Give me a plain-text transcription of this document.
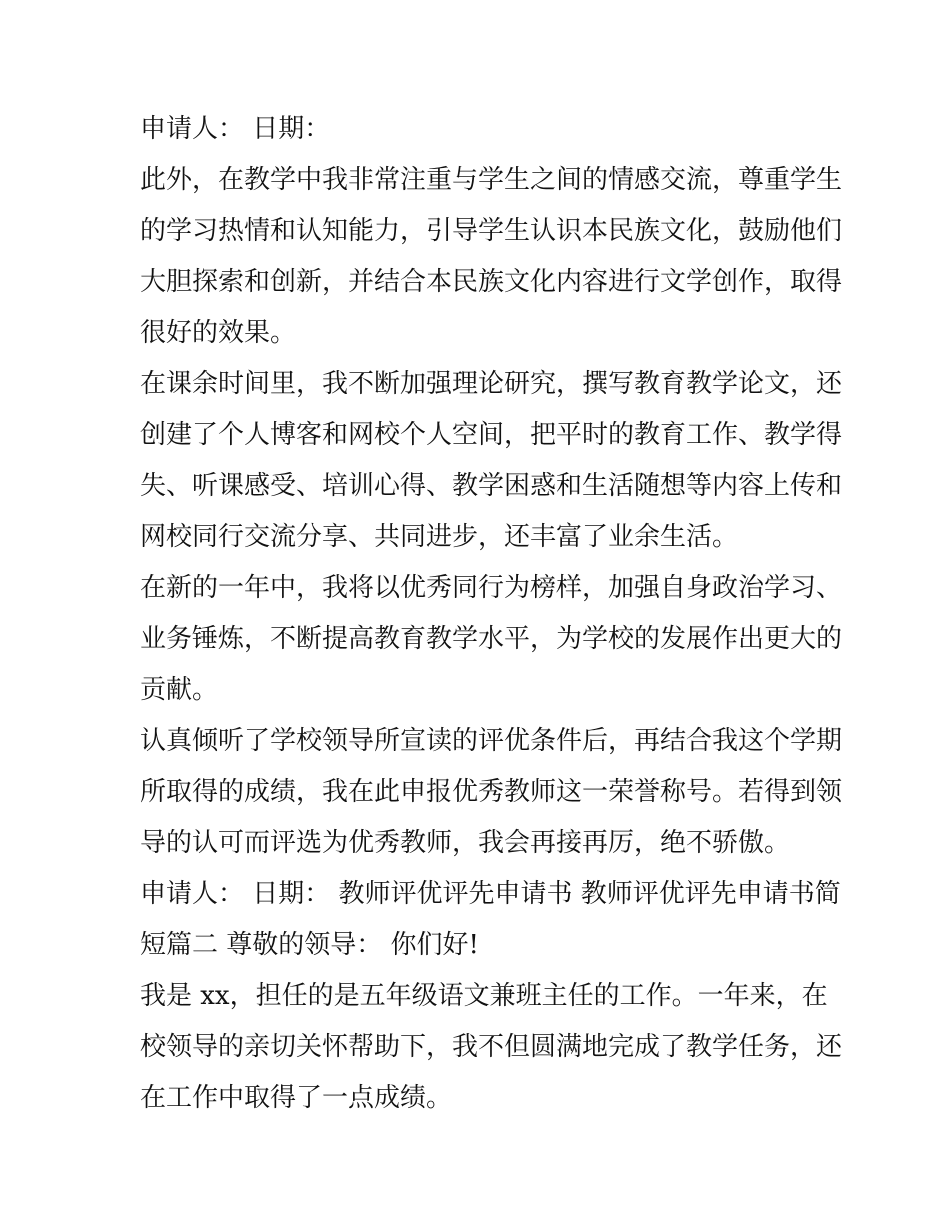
申请人： 日期：

此外，在教学中我非常注重与学生之间的情感交流，尊重学生
的学习热情和认知能力，引导学生认识本民族文化，鼓励他们
大胆探索和创新，并结合本民族文化内容进行文学创作，取得
很好的效果。

在课余时间里，我不断加强理论研究，撰写教育教学论文，还
创建了个人博客和网校个人空间，把平时的教育工作、教学得
失、听课感受、培训心得、教学困惑和生活随想等内容上传和
网校同行交流分享、共同进步，还丰富了业余生活。

在新的一年中，我将以优秀同行为榜样，加强自身政治学习、
业务锤炼，不断提高教育教学水平，为学校的发展作出更大的
贡献。

认真倾听了学校领导所宣读的评优条件后，再结合我这个学期
所取得的成绩，我在此申报优秀教师这一荣誉称号。若得到领
导的认可而评选为优秀教师，我会再接再厉，绝不骄傲。

申请人： 日期： 教师评优评先申请书 教师评优评先申请书简
短篇二 尊敬的领导： 你们好!

我是 xx，担任的是五年级语文兼班主任的工作。一年来，在
校领导的亲切关怀帮助下，我不但圆满地完成了教学任务，还
在工作中取得了一点成绩。
